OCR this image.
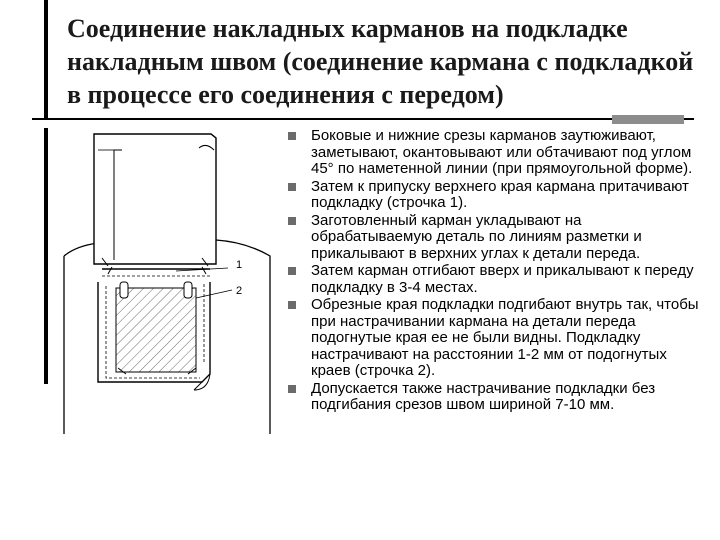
Соединение накладных карманов на подкладке накладным швом (соединение кармана с подкладкой в процессе его соединения с передом)
1
2
Боковые и нижние срезы карманов заутюживают, заметывают, окантовывают или обтачивают под углом 45° по наметенной линии (при прямоугольной форме).
Затем к припуску верхнего края кармана притачивают подкладку (строчка 1).
Заготовленный карман укладывают на обрабатываемую деталь по линиям разметки и прикалывают в верхних углах к детали переда.
Затем карман отгибают вверх и прикалывают к переду подкладку в 3-4 местах.
Обрезные края подкладки подгибают внутрь так, чтобы при настрачивании кармана на детали переда подогнутые края ее не были видны. Подкладку настрачивают на расстоянии 1-2 мм от подогнутых краев (строчка 2).
Допускается также настрачивание подкладки без подгибания срезов швом шириной 7-10 мм.
